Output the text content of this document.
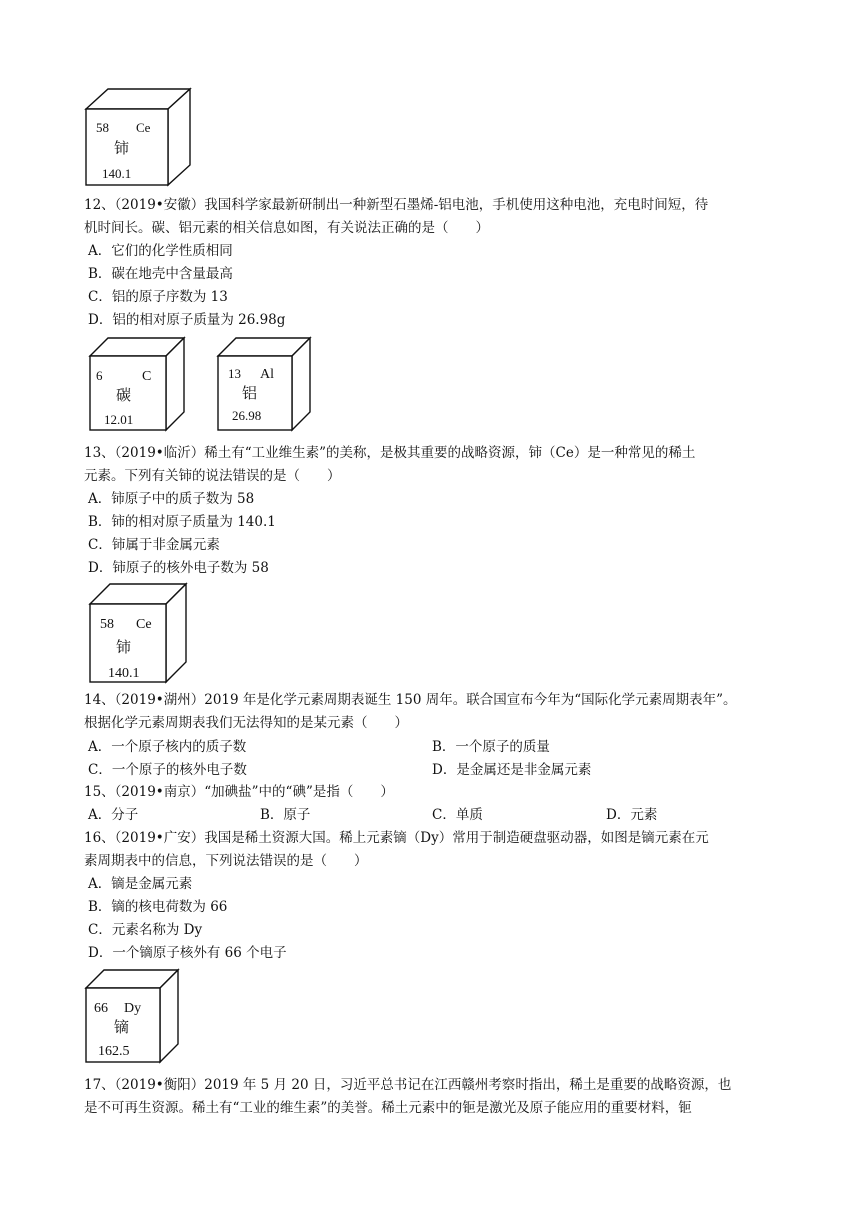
58 Ce
铈
140.1
12、（2019•安徽）我国科学家最新研制出一种新型石墨烯-铝电池，手机使用这种电池，充电时间短，待
机时间长。碳、铝元素的相关信息如图，有关说法正确的是（　　）
A．它们的化学性质相同
B．碳在地壳中含量最高
C．铝的原子序数为 13
D．铝的相对原子质量为 26.98g
6	C
碳
12.01
13 Al
铝
26.98
13、（2019•临沂）稀土有“工业维生素”的美称，是极其重要的战略资源，铈（Ce）是一种常见的稀土
元素。下列有关铈的说法错误的是（　　）
A．铈原子中的质子数为 58
B．铈的相对原子质量为 140.1
C．铈属于非金属元素
D．铈原子的核外电子数为 58
58 Ce
铈
140.1
14、（2019•湖州）2019 年是化学元素周期表诞生 150 周年。联合国宣布今年为“国际化学元素周期表年”。
根据化学元素周期表我们无法得知的是某元素（　　）
A．一个原子核内的质子数	B．一个原子的质量
C．一个原子的核外电子数	D．是金属还是非金属元素
15、（2019•南京）“加碘盐”中的“碘”是指（　　）
A．分子	B．原子	C．单质	D．元素
16、（2019•广安）我国是稀土资源大国。稀上元素镝（Dy）常用于制造硬盘驱动器，如图是镝元素在元
素周期表中的信息，下列说法错误的是（　　）
A．镝是金属元素
B．镝的核电荷数为 66
C．元素名称为 Dy
D．一个镝原子核外有 66 个电子
66 Dy
镝
162.5
17、（2019•衡阳）2019 年 5 月 20 日，习近平总书记在江西赣州考察时指出，稀土是重要的战略资源，也
是不可再生资源。稀土有“工业的维生素”的美誉。稀土元素中的钷是激光及原子能应用的重要材料，钷
